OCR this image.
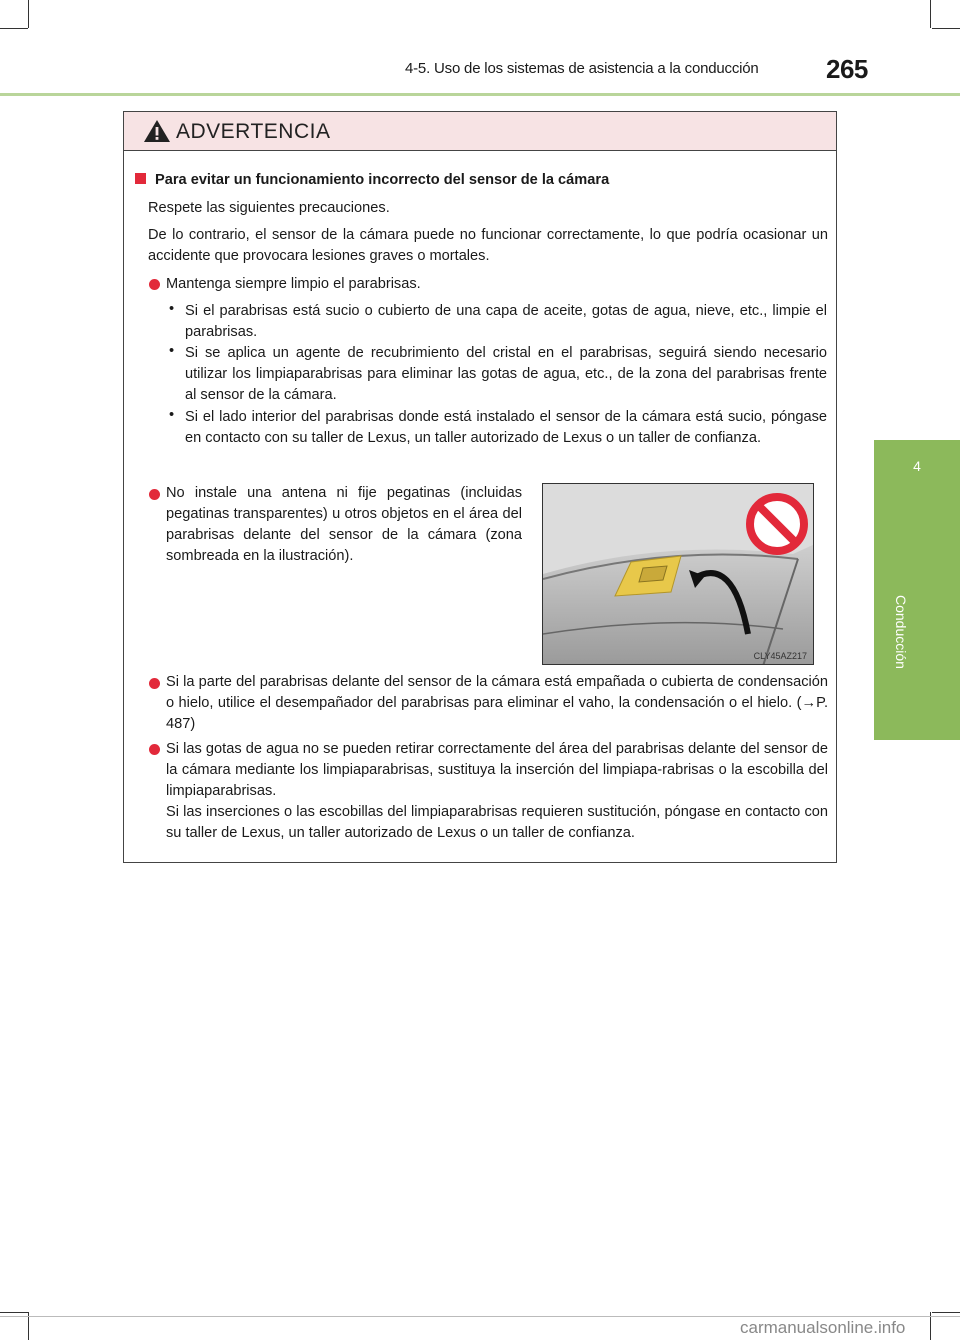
4-5. Uso de los sistemas de asistencia a la conducción	265
4
Conducción
ADVERTENCIA
Para evitar un funcionamiento incorrecto del sensor de la cámara
Respete las siguientes precauciones.
De lo contrario, el sensor de la cámara puede no funcionar correctamente, lo que podría ocasionar un accidente que provocara lesiones graves o mortales.
Mantenga siempre limpio el parabrisas.
• Si el parabrisas está sucio o cubierto de una capa de aceite, gotas de agua, nieve, etc., limpie el parabrisas.
• Si se aplica un agente de recubrimiento del cristal en el parabrisas, seguirá siendo necesario utilizar los limpiaparabrisas para eliminar las gotas de agua, etc., de la zona del parabrisas frente al sensor de la cámara.
• Si el lado interior del parabrisas donde está instalado el sensor de la cámara está sucio, póngase en contacto con su taller de Lexus, un taller autorizado de Lexus o un taller de confianza.
No instale una antena ni fije pegatinas (incluidas pegatinas transparentes) u otros objetos en el área del parabrisas delante del sensor de la cámara (zona sombreada en la ilustración).
Si la parte del parabrisas delante del sensor de la cámara está empañada o cubierta de condensación o hielo, utilice el desempañador del parabrisas para eliminar el vaho, la condensación o el hielo. (→P. 487)
Si las gotas de agua no se pueden retirar correctamente del área del parabrisas delante del sensor de la cámara mediante los limpiaparabrisas, sustituya la inserción del limpiapa-rabrisas o la escobilla del limpiaparabrisas.
Si las inserciones o las escobillas del limpiaparabrisas requieren sustitución, póngase en contacto con su taller de Lexus, un taller autorizado de Lexus o un taller de confianza.
CLY45AZ217
carmanualsonline.info
